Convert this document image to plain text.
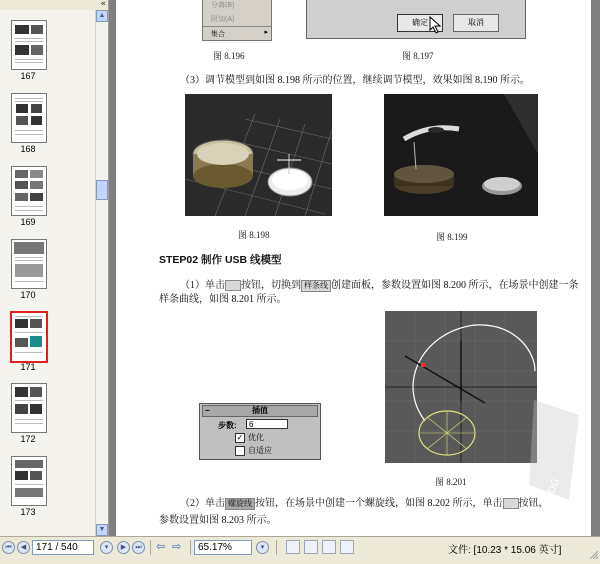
«
167
168
169
170
171
172
173
▲
▼
分离(B)
附加(A)
集合	▸
图 8.196
确定	取消
图 8.197
（3）调节模型到如图 8.198 所示的位置，继续调节模型，效果如图 8.190 所示。
图 8.198	图 8.199
STEP02 制作 USB 线模型
（1）单击 按钮，切换到 样条线 创建面板，参数设置如图 8.200 所示，在场景中创建一条
样条曲线，如图 8.201 所示。
−	插值
步数:	6
✓ 优化
自适应
图 8.201	PDG
（2）单击 螺旋线 按钮，在场景中创建一个螺旋线，如图 8.202 所示，单击 按钮，
参数设置如图 8.203 所示。
⏮	◀ 171 / 540	▾	▶	⏭	⇦ ⇨	65.17%	▾	文件: [10.23 * 15.06 英寸]
